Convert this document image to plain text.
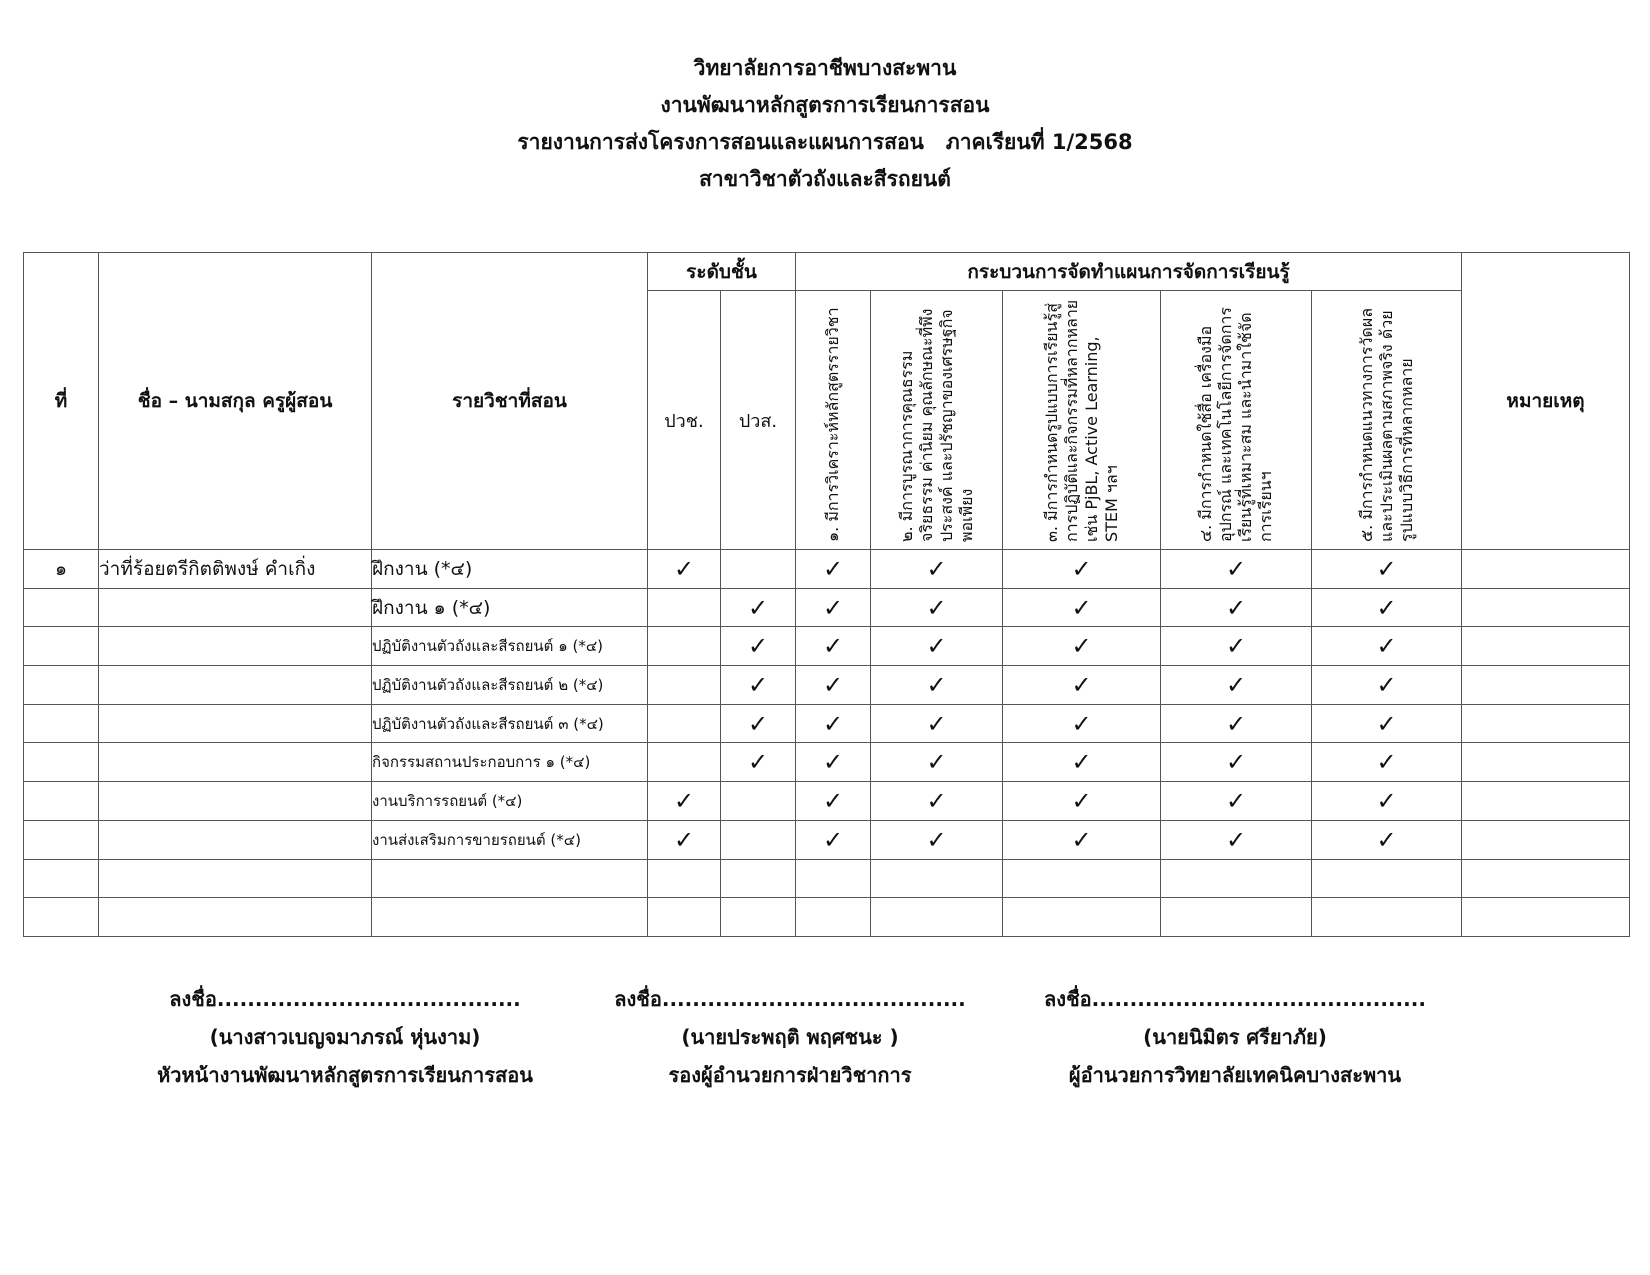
วิทยาลัยการอาชีพบางสะพาน
งานพัฒนาหลักสูตรการเรียนการสอน
รายงานการส่งโครงการสอนและแผนการสอน ภาคเรียนที่ 1/2568
สาขาวิชาตัวถังและสีรถยนต์
ที่	ชื่อ – นามสกุล ครูผู้สอน	รายวิชาที่สอน	ระดับชั้น		กระบวนการจัดทำแผนการจัดการเรียนรู้					หมายเหตุ
			ปวช.	ปวส.	๑. มีการวิเคราะห์หลักสูตรรายวิชา	๒. มีการบูรณาการคุณธรรม จริยธรรม ค่านิยม คุณลักษณะที่พึงประสงค์ และปรัชญาของเศรษฐกิจพอเพียง	๓. มีการกำหนดรูปแบบการเรียนรู้สู่การปฏิบัติและกิจกรรมที่หลากหลาย เช่น PjBL, Active Learning, STEM ฯลฯ	๔. มีการกำหนดใช้สื่อ เครื่องมือ อุปกรณ์ และเทคโนโลยีการจัดการเรียนรู้ที่เหมาะสม และนำมาใช้จัดการเรียนฯ	๕. มีการกำหนดแนวทางการวัดผลและประเมินผลตามสภาพจริง ด้วยรูปแบบวิธีการที่หลากหลาย	

๑	ว่าที่ร้อยตรีกิตติพงษ์ คำเกิ่ง	ฝึกงาน (*๔)	✓		✓	✓	✓	✓	✓	
		ฝึกงาน ๑ (*๔)		✓	✓	✓	✓	✓	✓	
		ปฏิบัติงานตัวถังและสีรถยนต์ ๑ (*๔)		✓	✓	✓	✓	✓	✓	
		ปฏิบัติงานตัวถังและสีรถยนต์ ๒ (*๔)		✓	✓	✓	✓	✓	✓	
		ปฏิบัติงานตัวถังและสีรถยนต์ ๓ (*๔)		✓	✓	✓	✓	✓	✓	
		กิจกรรมสถานประกอบการ ๑ (*๔)		✓	✓	✓	✓	✓	✓	
		งานบริการรถยนต์ (*๔)	✓		✓	✓	✓	✓	✓	
		งานส่งเสริมการขายรถยนต์ (*๔)	✓		✓	✓	✓	✓	✓	

ลงชื่อ........................................
(นางสาวเบญจมาภรณ์ หุ่นงาม)
หัวหน้างานพัฒนาหลักสูตรการเรียนการสอน
ลงชื่อ........................................
(นายประพฤติ พฤศชนะ )
รองผู้อำนวยการฝ่ายวิชาการ
ลงชื่อ............................................
(นายนิมิตร ศรียาภัย)
ผู้อำนวยการวิทยาลัยเทคนิคบางสะพาน
